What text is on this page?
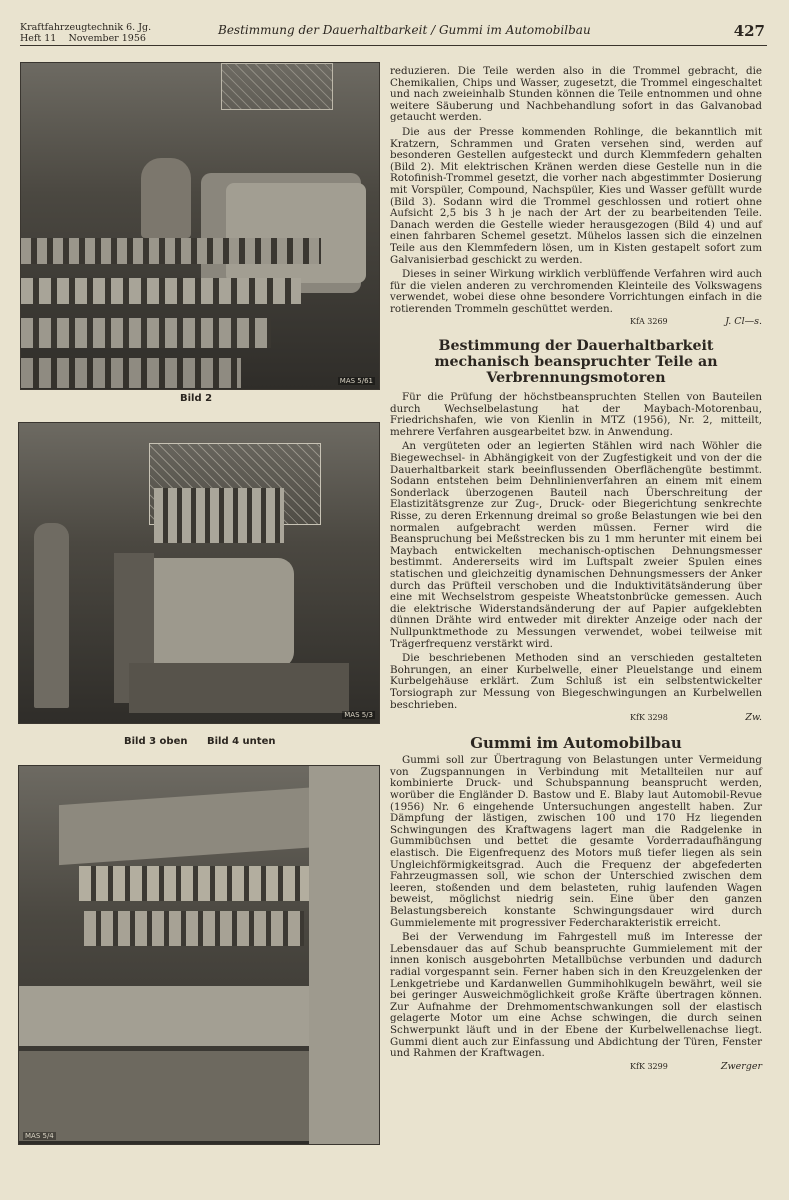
Kraftfahrzeugtechnik 6. Jg.
Heft 11 November 1956
Bestimmung der Dauerhaltbarkeit / Gummi im Automobilbau	427
MAS 5/61
Bild 2
MAS 5/3
Bild 3 oben Bild 4 unten
MAS 5/4

reduzieren. Die Teile werden also in die Trommel gebracht, die Chemikalien, Chips und Wasser, zugesetzt, die Trommel eingeschaltet und nach zweieinhalb Stunden können die Teile entnommen und ohne weitere Säuberung und Nachbehandlung sofort in das Galvanobad getaucht werden.

Die aus der Presse kommenden Rohlinge, die bekanntlich mit Kratzern, Schrammen und Graten versehen sind, werden auf besonderen Gestellen aufgesteckt und durch Klemmfedern gehalten (Bild 2). Mit elektrischen Kränen werden diese Gestelle nun in die Rotofinish-Trommel gesetzt, die vorher nach abgestimmter Dosierung mit Vorspüler, Compound, Nachspüler, Kies und Wasser gefüllt wurde (Bild 3). Sodann wird die Trommel geschlossen und rotiert ohne Aufsicht 2,5 bis 3 h je nach der Art der zu bearbeitenden Teile. Danach werden die Gestelle wieder herausgezogen (Bild 4) und auf einen fahrbaren Schemel gesetzt. Mühelos lassen sich die einzelnen Teile aus den Klemmfedern lösen, um in Kisten gestapelt sofort zum Galvanisierbad geschickt zu werden.

Dieses in seiner Wirkung wirklich verblüffende Verfahren wird auch für die vielen anderen zu verchromenden Kleinteile des Volkswagens verwendet, wobei diese ohne besondere Vorrichtungen einfach in die rotierenden Trommeln geschüttet werden.

KfA 3269	J. Cl—s.
Bestimmung der Dauerhaltbarkeit mechanisch beanspruchter Teile an Verbrennungsmotoren

Für die Prüfung der höchstbeanspruchten Stellen von Bauteilen durch Wechselbelastung hat der Maybach-Motorenbau, Friedrichshafen, wie von Kienlin in MTZ (1956), Nr. 2, mitteilt, mehrere Verfahren ausgearbeitet bzw. in Anwendung.

An vergüteten oder an legierten Stählen wird nach Wöhler die Biegewechsel- in Abhängigkeit von der Zugfestigkeit und von der die Dauerhaltbarkeit stark beeinflussenden Oberflächengüte bestimmt. Sodann entstehen beim Dehnlinienverfahren an einem mit einem Sonderlack überzogenen Bauteil nach Überschreitung der Elastizitätsgrenze zur Zug-, Druck- oder Biegerichtung senkrechte Risse, zu deren Erkennung dreimal so große Belastungen wie bei den normalen aufgebracht werden müssen. Ferner wird die Beanspruchung bei Meßstrecken bis zu 1 mm herunter mit einem bei Maybach entwickelten mechanisch-optischen Dehnungsmesser bestimmt. Andererseits wird im Luftspalt zweier Spulen eines statischen und gleichzeitig dynamischen Dehnungsmessers der Anker durch das Prüfteil verschoben und die Induktivitätsänderung über eine mit Wechselstrom gespeiste Wheatstonbrücke gemessen. Auch die elektrische Widerstandsänderung der auf Papier aufgeklebten dünnen Drähte wird entweder mit direkter Anzeige oder nach der Nullpunktmethode zu Messungen verwendet, wobei teilweise mit Trägerfrequenz verstärkt wird.

Die beschriebenen Methoden sind an verschieden gestalteten Bohrungen, an einer Kurbelwelle, einer Pleuelstange und einem Kurbelgehäuse erklärt. Zum Schluß ist ein selbstentwickelter Torsiograph zur Messung von Biegeschwingungen an Kurbelwellen beschrieben.

KfK 3298	Zw.
Gummi im Automobilbau

Gummi soll zur Übertragung von Belastungen unter Vermeidung von Zugspannungen in Verbindung mit Metallteilen nur auf kombinierte Druck- und Schubspannung beansprucht werden, worüber die Engländer D. Bastow und E. Blaby laut Automobil-Revue (1956) Nr. 6 eingehende Untersuchungen angestellt haben. Zur Dämpfung der lästigen, zwischen 100 und 170 Hz liegenden Schwingungen des Kraftwagens lagert man die Radgelenke in Gummibüchsen und bettet die gesamte Vorderradaufhängung elastisch. Die Eigenfrequenz des Motors muß tiefer liegen als sein Ungleichförmigkeitsgrad. Auch die Frequenz der abgefederten Fahrzeugmassen soll, wie schon der Unterschied zwischen dem leeren, stoßenden und dem belasteten, ruhig laufenden Wagen beweist, möglichst niedrig sein. Eine über den ganzen Belastungsbereich konstante Schwingungsdauer wird durch Gummielemente mit progressiver Federcharakteristik erreicht.

Bei der Verwendung im Fahrgestell muß im Interesse der Lebensdauer das auf Schub beanspruchte Gummielement mit der innen konisch ausgebohrten Metallbüchse verbunden und dadurch radial vorgespannt sein. Ferner haben sich in den Kreuzgelenken der Lenkgetriebe und Kardanwellen Gummihohlkugeln bewährt, weil sie bei geringer Ausweichmöglichkeit große Kräfte übertragen können. Zur Aufnahme der Drehmomentschwankungen soll der elastisch gelagerte Motor um eine Achse schwingen, die durch seinen Schwerpunkt läuft und in der Ebene der Kurbelwellenachse liegt. Gummi dient auch zur Einfassung und Abdichtung der Türen, Fenster und Rahmen der Kraftwagen.

KfK 3299	Zwerger
